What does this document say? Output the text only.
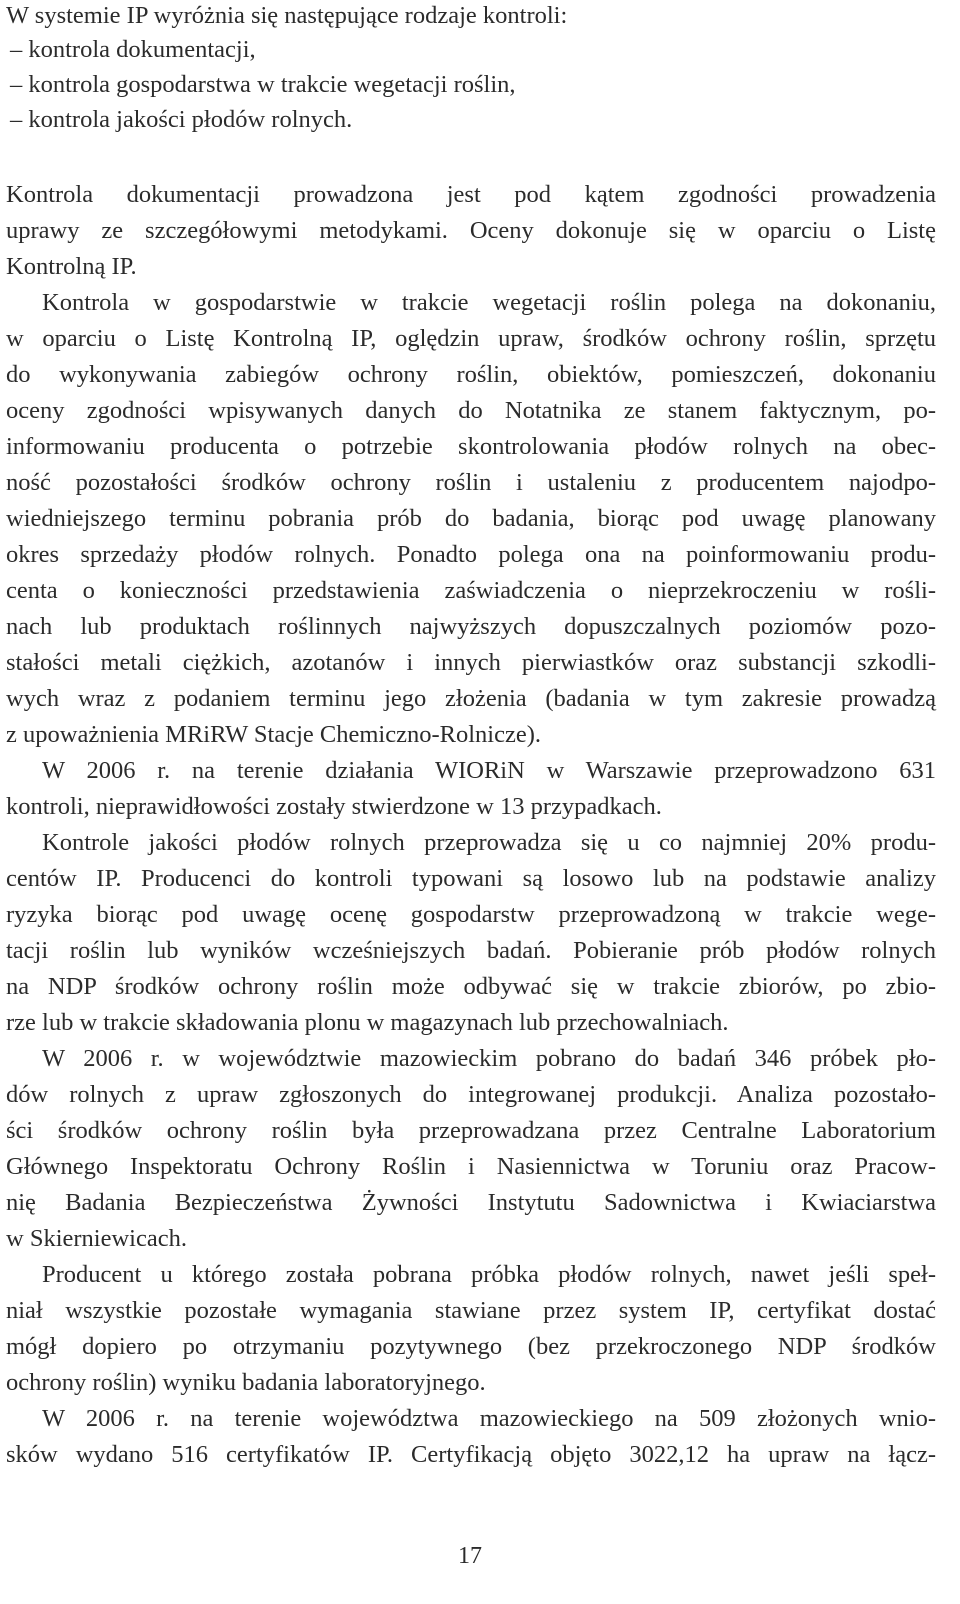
W systemie IP wyróżnia się następujące rodzaje kontroli:
– kontrola dokumentacji,
– kontrola gospodarstwa w trakcie wegetacji roślin,
– kontrola jakości płodów rolnych.
Kontrola dokumentacji prowadzona jest pod kątem zgodności prowadzenia
uprawy ze szczegółowymi metodykami. Oceny dokonuje się w oparciu o Listę
Kontrolną IP.
Kontrola w gospodarstwie w trakcie wegetacji roślin polega na dokonaniu,
w oparciu o Listę Kontrolną IP, oględzin upraw, środków ochrony roślin, sprzętu
do wykonywania zabiegów ochrony roślin, obiektów, pomieszczeń, dokonaniu
oceny zgodności wpisywanych danych do Notatnika ze stanem faktycznym, po-
informowaniu producenta o potrzebie skontrolowania płodów rolnych na obec-
ność pozostałości środków ochrony roślin i ustaleniu z producentem najodpo-
wiedniejszego terminu pobrania prób do badania, biorąc pod uwagę planowany
okres sprzedaży płodów rolnych. Ponadto polega ona na poinformowaniu produ-
centa o konieczności przedstawienia zaświadczenia o nieprzekroczeniu w rośli-
nach lub produktach roślinnych najwyższych dopuszczalnych poziomów pozo-
stałości metali ciężkich, azotanów i innych pierwiastków oraz substancji szkodli-
wych wraz z podaniem terminu jego złożenia (badania w tym zakresie prowadzą
z upoważnienia MRiRW Stacje Chemiczno-Rolnicze).
W 2006 r. na terenie działania WIORiN w Warszawie przeprowadzono 631
kontroli, nieprawidłowości zostały stwierdzone w 13 przypadkach.
Kontrole jakości płodów rolnych przeprowadza się u co najmniej 20% produ-
centów IP. Producenci do kontroli typowani są losowo lub na podstawie analizy
ryzyka biorąc pod uwagę ocenę gospodarstw przeprowadzoną w trakcie wege-
tacji roślin lub wyników wcześniejszych badań. Pobieranie prób płodów rolnych
na NDP środków ochrony roślin może odbywać się w trakcie zbiorów, po zbio-
rze lub w trakcie składowania plonu w magazynach lub przechowalniach.
W 2006 r. w województwie mazowieckim pobrano do badań 346 próbek pło-
dów rolnych z upraw zgłoszonych do integrowanej produkcji. Analiza pozostało-
ści środków ochrony roślin była przeprowadzana przez Centralne Laboratorium
Głównego Inspektoratu Ochrony Roślin i Nasiennictwa w Toruniu oraz Pracow-
nię Badania Bezpieczeństwa Żywności Instytutu Sadownictwa i Kwiaciarstwa
w Skierniewicach.
Producent u którego została pobrana próbka płodów rolnych, nawet jeśli speł-
niał wszystkie pozostałe wymagania stawiane przez system IP, certyfikat dostać
mógł dopiero po otrzymaniu pozytywnego (bez przekroczonego NDP środków
ochrony roślin) wyniku badania laboratoryjnego.
W 2006 r. na terenie województwa mazowieckiego na 509 złożonych wnio-
sków wydano 516 certyfikatów IP. Certyfikacją objęto 3022,12 ha upraw na łącz-
17
